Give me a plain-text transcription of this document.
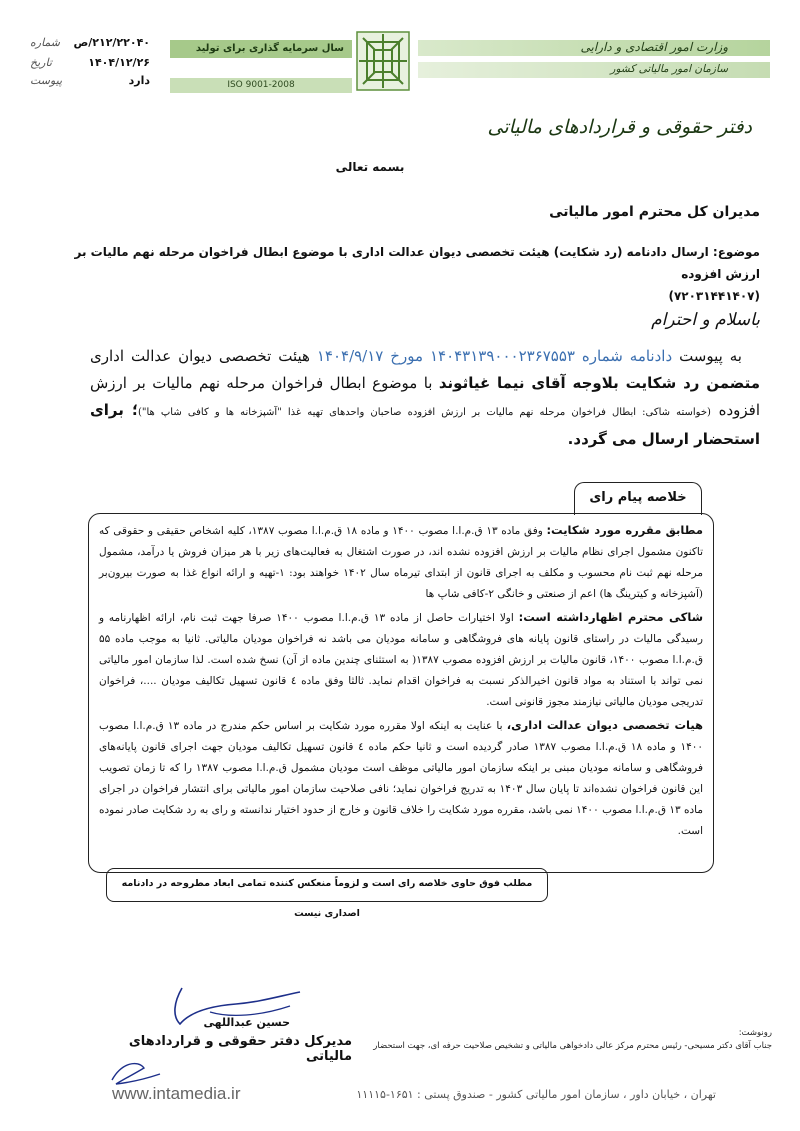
۲۱۲/۲۲۰۴۰/ص
شماره
۱۴۰۴/۱۲/۲۶
تاریخ
دارد
پیوست
سال سرمایه گذاری برای تولید
ISO 9001-2008
وزارت امور اقتصادی و دارایی
سازمان امور مالیاتی کشور
دفتر حقوقی و قراردادهای مالیاتی
بسمه تعالی
مدیران کل محترم امور مالیاتی
موضوع: ارسال دادنامه (رد شکایت) هیئت تخصصی دیوان عدالت اداری با موضوع ابطال فراخوان مرحله نهم مالیات بر ارزش افزوده
(۷۲۰۳۱۴۴۱۴۰۷)
باسلام و احترام
به پیوست دادنامه شماره ۱۴۰۴۳۱۳۹۰۰۰۲۳۶۷۵۵۳ مورخ ۱۴۰۴/۹/۱۷ هیئت تخصصی دیوان عدالت اداری متضمن رد شکایت بلاوجه آقای نیما غیاثوند با موضوع ابطال فراخوان مرحله نهم مالیات بر ارزش افزوده (خواسته شاکی: ابطال فراخوان مرحله نهم مالیات بر ارزش افزوده صاحبان واحدهای تهیه غذا "آشپزخانه ها و کافی شاپ ها")؛ برای استحضار ارسال می گردد.
خلاصه پیام رای

مطابق مقرره مورد شکایت: وفق ماده ۱۳ ق.م.ا.ا مصوب ۱۴۰۰ و ماده ۱۸ ق.م.ا.ا مصوب ۱۳۸۷، کلیه اشخاص حقیقی و حقوقی که تاکنون مشمول اجرای نظام مالیات بر ارزش افزوده نشده اند، در صورت اشتغال به فعالیت‌های زیر با هر میزان فروش یا درآمد، مشمول مرحله نهم ثبت نام محسوب و مکلف به اجرای قانون از ابتدای تیرماه سال ۱۴۰۲ خواهند بود: ۱-تهیه و ارائه انواع غذا به صورت بیرون‌بر (آشپزخانه و کیترینگ ها) اعم از صنعتی و خانگی ۲-کافی شاپ ها

شاکی محترم اظهارداشته است: اولا اختیارات حاصل از ماده ۱۳ ق.م.ا.ا مصوب ۱۴۰۰ صرفا جهت ثبت نام، ارائه اظهارنامه و رسیدگی مالیات در راستای قانون پایانه های فروشگاهی و سامانه مودیان می باشد نه فراخوان مودیان مالیاتی. ثانیا به موجب ماده ۵۵ ق.م.ا.ا مصوب ۱۴۰۰، قانون مالیات بر ارزش افزوده مصوب ۱۳۸۷( به استثنای چندین ماده از آن) نسخ شده است. لذا سازمان امور مالیاتی نمی تواند با استناد به مواد قانون اخیرالذکر نسبت به فراخوان اقدام نماید. ثالثا وفق ماده ٤ قانون تسهیل تکالیف مودیان ....، فراخوان تدریجی مودیان مالیاتی نیازمند مجوز قانونی است.

هیات تخصصی دیوان عدالت اداری، با عنایت به اینکه اولا مقرره مورد شکایت بر اساس حکم مندرج در ماده ۱۳ ق.م.ا.ا مصوب ۱۴۰۰ و ماده ۱۸ ق.م.ا.ا مصوب ۱۳۸۷ صادر گردیده است و ثانیا حکم ماده ٤ قانون تسهیل تکالیف مودیان جهت اجرای قانون پایانه‌های فروشگاهی و سامانه مودیان مبنی بر اینکه سازمان امور مالیاتی موظف است مودیان مشمول ق.م.ا.ا مصوب ۱۳۸۷ را که تا زمان تصویب این قانون فراخوان نشده‌اند تا پایان سال ۱۴۰۳ به تدریج فراخوان نماید؛ نافی صلاحیت سازمان امور مالیاتی برای انتشار فراخوان در اجرای ماده ۱۳ ق.م.ا.ا مصوب ۱۴۰۰ نمی باشد، مقرره مورد شکایت را خلاف قانون و خارج از حدود اختیار ندانسته و رای به رد شکایت صادر نموده است.

مطلب فوق حاوی خلاصه رای است و لزوماً منعکس کننده تمامی ابعاد مطروحه در دادنامه اصداری نیست
حسین عبداللهی
مدیرکل دفتر حقوقی و قراردادهای مالیاتی
رونوشت:
جناب آقای دکتر مسیحی- رئیس محترم مرکز عالی دادخواهی مالیاتی و تشخیص صلاحیت حرفه ای، جهت استحضار
www.intamedia.ir	تهران ، خیابان داور ، سازمان امور مالیاتی کشور - صندوق پستی : ۱۶۵۱-۱۱۱۱۵
